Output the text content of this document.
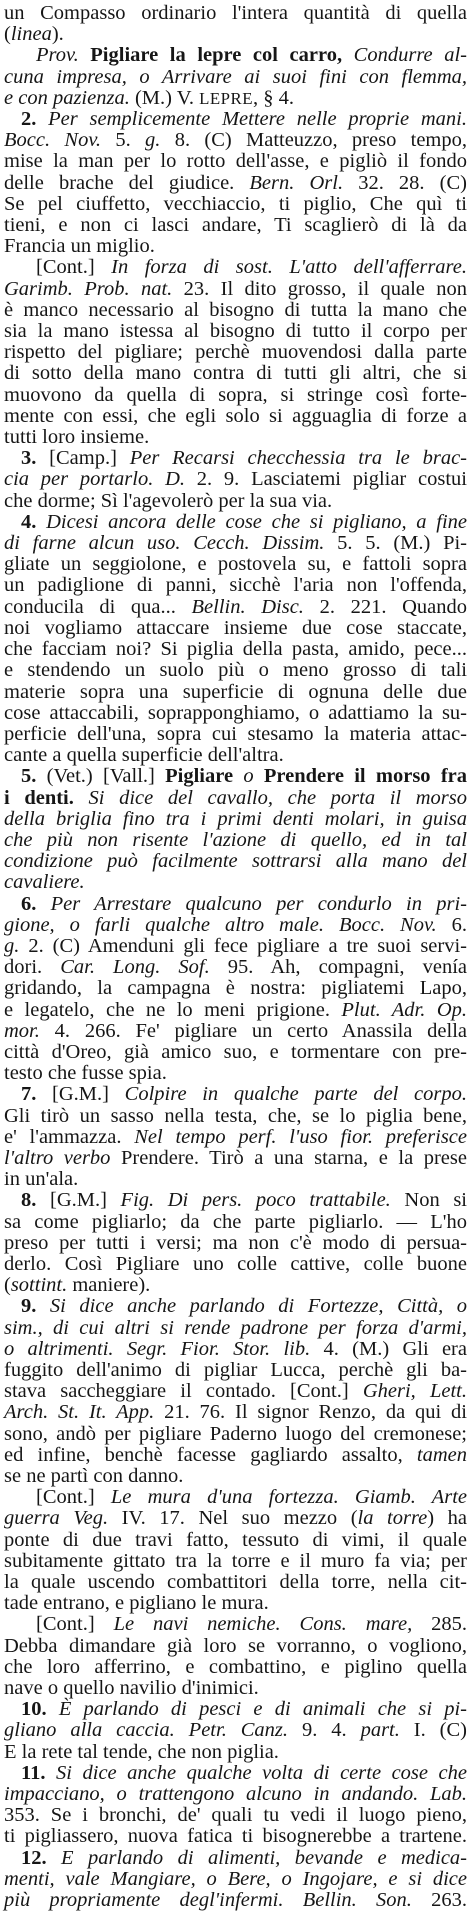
un Compasso ordinario l'intera quantità di quella
(linea).
Prov. Pigliare la lepre col carro, Condurre al-
cuna impresa, o Arrivare ai suoi fini con flemma,
e con pazienza. (M.) V. LEPRE, § 4.
2. Per semplicemente Mettere nelle proprie mani.
Bocc. Nov. 5. g. 8. (C) Matteuzzo, preso tempo,
mise la man per lo rotto dell'asse, e pigliò il fondo
delle brache del giudice. Bern. Orl. 32. 28. (C)
Se pel ciuffetto, vecchiaccio, ti piglio, Che quì ti
tieni, e non ci lasci andare, Ti scaglierò di là da
Francia un miglio.
[Cont.] In forza di sost. L'atto dell'afferrare.
Garimb. Prob. nat. 23. Il dito grosso, il quale non
è manco necessario al bisogno di tutta la mano che
sia la mano istessa al bisogno di tutto il corpo per
rispetto del pigliare; perchè muovendosi dalla parte
di sotto della mano contra di tutti gli altri, che si
muovono da quella di sopra, si stringe così forte-
mente con essi, che egli solo si agguaglia di forze a
tutti loro insieme.
3. [Camp.] Per Recarsi checchessia tra le brac-
cia per portarlo. D. 2. 9. Lasciatemi pigliar costui
che dorme; Sì l'agevolerò per la sua via.
4. Dicesi ancora delle cose che si pigliano, a fine
di farne alcun uso. Cecch. Dissim. 5. 5. (M.) Pi-
gliate un seggiolone, e postovela su, e fattoli sopra
un padiglione di panni, sicchè l'aria non l'offenda,
conducila di qua... Bellin. Disc. 2. 221. Quando
noi vogliamo attaccare insieme due cose staccate,
che facciam noi? Si piglia della pasta, amido, pece...
e stendendo un suolo più o meno grosso di tali
materie sopra una superficie di ognuna delle due
cose attaccabili, soprapponghiamo, o adattiamo la su-
perficie dell'una, sopra cui stesamo la materia attac-
cante a quella superficie dell'altra.
5. (Vet.) [Vall.] Pigliare o Prendere il morso fra
i denti. Si dice del cavallo, che porta il morso
della briglia fino tra i primi denti molari, in guisa
che più non risente l'azione di quello, ed in tal
condizione può facilmente sottrarsi alla mano del
cavaliere.
6. Per Arrestare qualcuno per condurlo in pri-
gione, o farli qualche altro male. Bocc. Nov. 6.
g. 2. (C) Amenduni gli fece pigliare a tre suoi servi-
dori. Car. Long. Sof. 95. Ah, compagni, venía
gridando, la campagna è nostra: pigliatemi Lapo,
e legatelo, che ne lo meni prigione. Plut. Adr. Op.
mor. 4. 266. Fe' pigliare un certo Anassila della
città d'Oreo, già amico suo, e tormentare con pre-
testo che fusse spia.
7. [G.M.] Colpire in qualche parte del corpo.
Gli tirò un sasso nella testa, che, se lo piglia bene,
e' l'ammazza. Nel tempo perf. l'uso fior. preferisce
l'altro verbo Prendere. Tirò a una starna, e la prese
in un'ala.
8. [G.M.] Fig. Di pers. poco trattabile. Non si
sa come pigliarlo; da che parte pigliarlo. — L'ho
preso per tutti i versi; ma non c'è modo di persua-
derlo. Così Pigliare uno colle cattive, colle buone
(sottint. maniere).
9. Si dice anche parlando di Fortezze, Città, o
sim., di cui altri si rende padrone per forza d'armi,
o altrimenti. Segr. Fior. Stor. lib. 4. (M.) Gli era
fuggito dell'animo di pigliar Lucca, perchè gli ba-
stava saccheggiare il contado. [Cont.] Gheri, Lett.
Arch. St. It. App. 21. 76. Il signor Renzo, da qui di
sono, andò per pigliare Paderno luogo del cremonese;
ed infine, benchè facesse gagliardo assalto, tamen
se ne partì con danno.
[Cont.] Le mura d'una fortezza. Giamb. Arte
guerra Veg. IV. 17. Nel suo mezzo (la torre) ha
ponte di due travi fatto, tessuto di vimi, il quale
subitamente gittato tra la torre e il muro fa via; per
la quale uscendo combattitori della torre, nella cit-
tade entrano, e pigliano le mura.
[Cont.] Le navi nemiche. Cons. mare, 285.
Debba dimandare già loro se vorranno, o vogliono,
che loro afferrino, e combattino, e piglino quella
nave o quello navilio d'inimici.
10. È parlando di pesci e di animali che si pi-
gliano alla caccia. Petr. Canz. 9. 4. part. I. (C)
E la rete tal tende, che non piglia.
11. Si dice anche qualche volta di certe cose che
impacciano, o trattengono alcuno in andando. Lab.
353. Se i bronchi, de' quali tu vedi il luogo pieno,
ti pigliassero, nuova fatica ti bisognerebbe a trartene.
12. E parlando di alimenti, bevande e medica-
menti, vale Mangiare, o Bere, o Ingojare, e si dice
più propriamente degl'infermi. Bellin. Son. 263.
